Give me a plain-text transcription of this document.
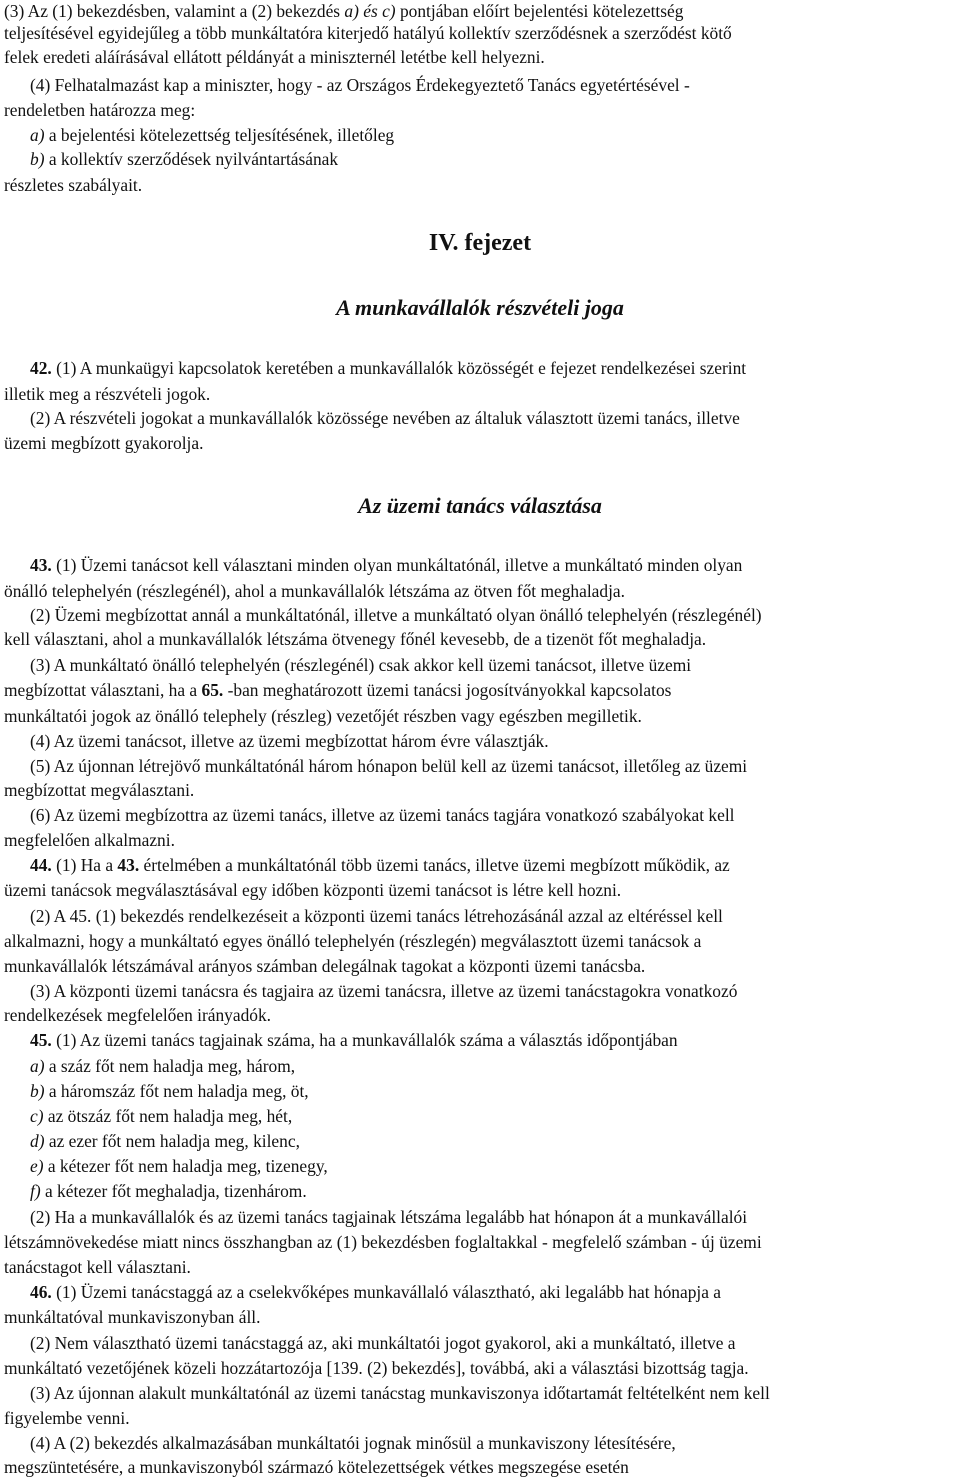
(3) Az (1) bekezdésben, valamint a (2) bekezdés a) és c) pontjában előírt bejelentési kötelezettség
teljesítésével egyidejűleg a több munkáltatóra kiterjedő hatályú kollektív szerződésnek a szerződést kötő
felek eredeti aláírásával ellátott példányát a miniszternél letétbe kell helyezni.
(4) Felhatalmazást kap a miniszter, hogy - az Országos Érdekegyeztető Tanács egyetértésével -
rendeletben határozza meg:
a) a bejelentési kötelezettség teljesítésének, illetőleg
b) a kollektív szerződések nyilvántartásának
részletes szabályait.
IV. fejezet
A munkavállalók részvételi joga
42. (1) A munkaügyi kapcsolatok keretében a munkavállalók közösségét e fejezet rendelkezései szerint
illetik meg a részvételi jogok.
(2) A részvételi jogokat a munkavállalók közössége nevében az általuk választott üzemi tanács, illetve
üzemi megbízott gyakorolja.
Az üzemi tanács választása
43. (1) Üzemi tanácsot kell választani minden olyan munkáltatónál, illetve a munkáltató minden olyan
önálló telephelyén (részlegénél), ahol a munkavállalók létszáma az ötven főt meghaladja.
(2) Üzemi megbízottat annál a munkáltatónál, illetve a munkáltató olyan önálló telephelyén (részlegénél)
kell választani, ahol a munkavállalók létszáma ötvenegy főnél kevesebb, de a tizenöt főt meghaladja.
(3) A munkáltató önálló telephelyén (részlegénél) csak akkor kell üzemi tanácsot, illetve üzemi
megbízottat választani, ha a 65. -ban meghatározott üzemi tanácsi jogosítványokkal kapcsolatos
munkáltatói jogok az önálló telephely (részleg) vezetőjét részben vagy egészben megilletik.
(4) Az üzemi tanácsot, illetve az üzemi megbízottat három évre választják.
(5) Az újonnan létrejövő munkáltatónál három hónapon belül kell az üzemi tanácsot, illetőleg az üzemi
megbízottat megválasztani.
(6) Az üzemi megbízottra az üzemi tanács, illetve az üzemi tanács tagjára vonatkozó szabályokat kell
megfelelően alkalmazni.
44. (1) Ha a 43. értelmében a munkáltatónál több üzemi tanács, illetve üzemi megbízott működik, az
üzemi tanácsok megválasztásával egy időben központi üzemi tanácsot is létre kell hozni.
(2) A 45. (1) bekezdés rendelkezéseit a központi üzemi tanács létrehozásánál azzal az eltéréssel kell
alkalmazni, hogy a munkáltató egyes önálló telephelyén (részlegén) megválasztott üzemi tanácsok a
munkavállalók létszámával arányos számban delegálnak tagokat a központi üzemi tanácsba.
(3) A központi üzemi tanácsra és tagjaira az üzemi tanácsra, illetve az üzemi tanácstagokra vonatkozó
rendelkezések megfelelően irányadók.
45. (1) Az üzemi tanács tagjainak száma, ha a munkavállalók száma a választás időpontjában
a) a száz főt nem haladja meg, három,
b) a háromszáz főt nem haladja meg, öt,
c) az ötszáz főt nem haladja meg, hét,
d) az ezer főt nem haladja meg, kilenc,
e) a kétezer főt nem haladja meg, tizenegy,
f) a kétezer főt meghaladja, tizenhárom.
(2) Ha a munkavállalók és az üzemi tanács tagjainak létszáma legalább hat hónapon át a munkavállalói
létszámnövekedése miatt nincs összhangban az (1) bekezdésben foglaltakkal - megfelelő számban - új üzemi
tanácstagot kell választani.
46. (1) Üzemi tanácstaggá az a cselekvőképes munkavállaló választható, aki legalább hat hónapja a
munkáltatóval munkaviszonyban áll.
(2) Nem választható üzemi tanácstaggá az, aki munkáltatói jogot gyakorol, aki a munkáltató, illetve a
munkáltató vezetőjének közeli hozzátartozója [139. (2) bekezdés], továbbá, aki a választási bizottság tagja.
(3) Az újonnan alakult munkáltatónál az üzemi tanácstag munkaviszonya időtartamát feltételként nem kell
figyelembe venni.
(4) A (2) bekezdés alkalmazásában munkáltatói jognak minősül a munkaviszony létesítésére,
megszüntetésére, a munkaviszonyból származó kötelezettségek vétkes megszegése esetén
